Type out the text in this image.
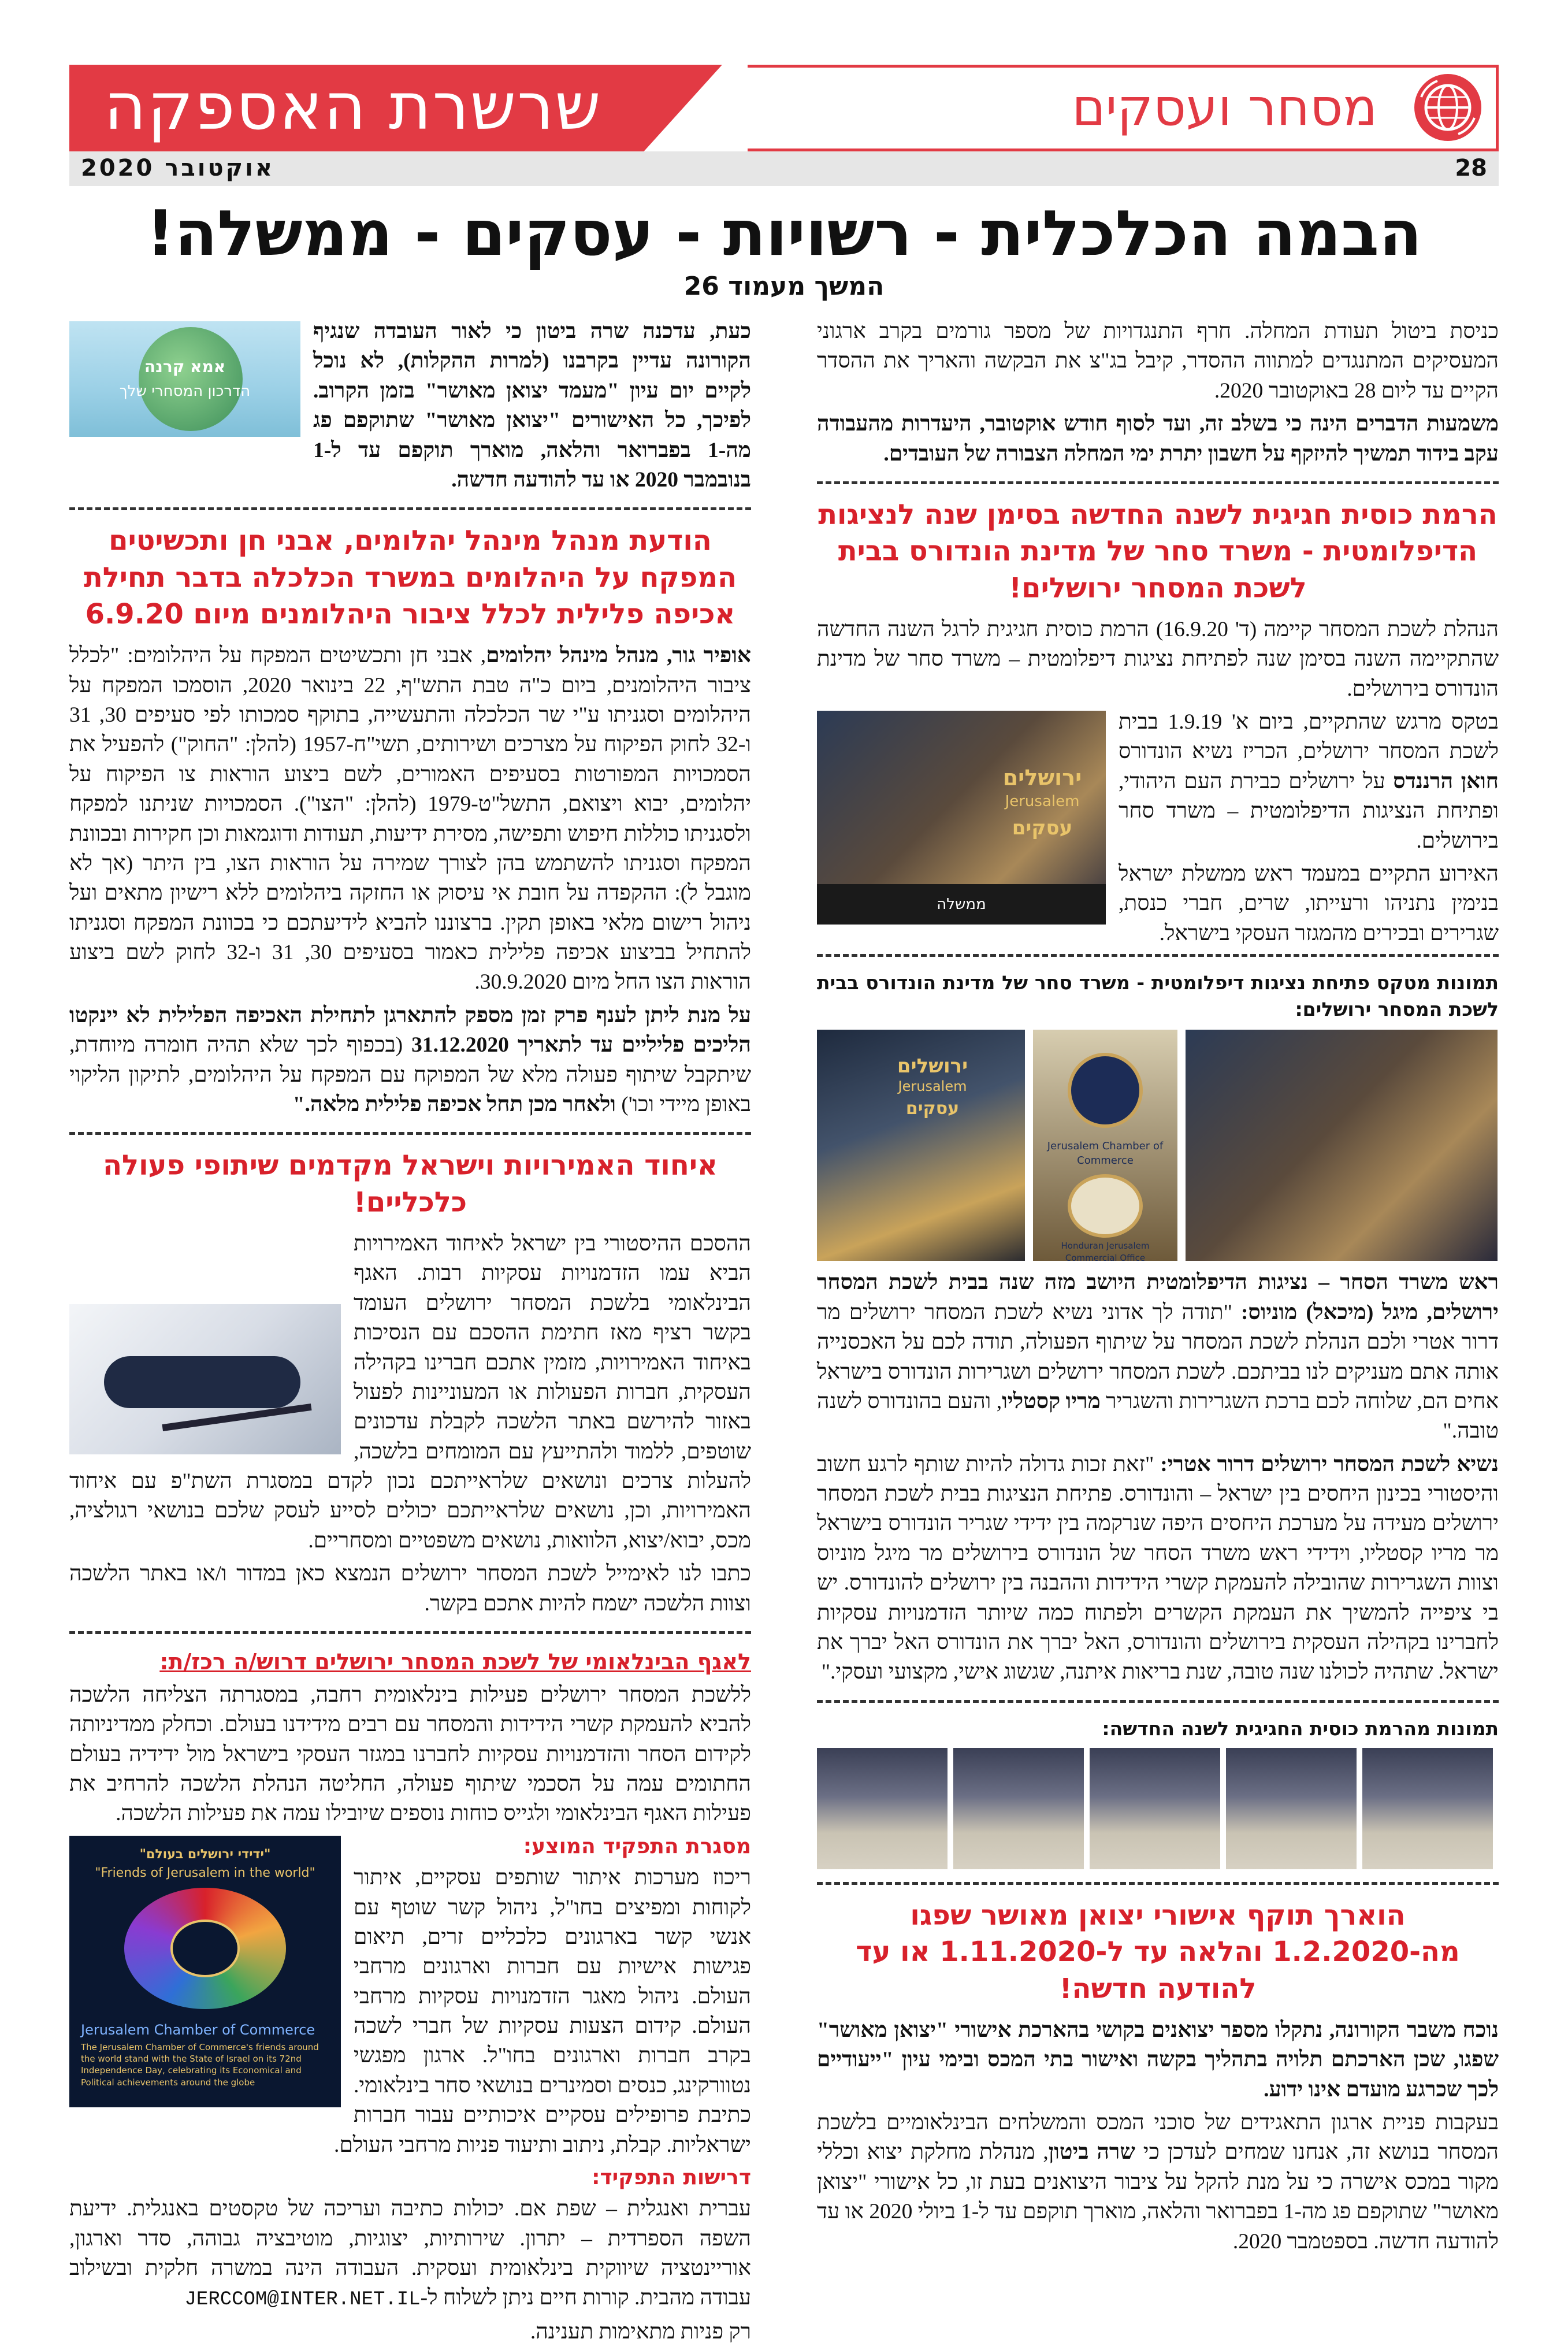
שרשרת האספקה	מסחר ועסקים
28
אוקטובר 2020
הבמה הכלכלית - רשויות - עסקים - ממשלה!
המשך מעמוד 26

כניסת ביטול תעודת המחלה. חרף התנגדויות של מספר גורמים בקרב ארגוני המעסיקים המתנגדים למתווה ההסדר, קיבל בג"צ את הבקשה והאריך את ההסדר הקיים עד ליום 28 באוקטובר 2020.

משמעות הדברים הינה כי בשלב זה, ועד לסוף חודש אוקטובר, היעדרות מהעבודה עקב בידוד תמשיך להיזקף על חשבון יתרת ימי המחלה הצבורה של העובדים.

הרמת כוסית חגיגית לשנה החדשה בסימן שנה לנציגות הדיפלומטית - משרד סחר של מדינת הונדורס בבית לשכת המסחר ירושלים!

הנהלת לשכת המסחר קיימה (ד' 16.9.20) הרמת כוסית חגיגית לרגל השנה החדשה שהתקיימה השנה בסימן שנה לפתיחת נציגות דיפלומטית – משרד סחר של מדינת הונדורס בירושלים.

ירושלים
Jerusalem
עסקים
ממשלה

בטקס מרגש שהתקיים, ביום א' 1.9.19 בבית לשכת המסחר ירושלים, הכריז נשיא הונדורס חואן הרננדס על ירושלים כבירת העם היהודי, ופתיחת הנציגות הדיפלומטית – משרד סחר בירושלים.

האירוע התקיים במעמד ראש ממשלת ישראל בנימין נתניהו ורעייתו, שרים, חברי כנסת, שגרירים ובכירים מהמגזר העסקי בישראל.

תמונות מטקס פתיחת נציגות דיפלומטית - משרד סחר של מדינת הונדורס בבית לשכת המסחר ירושלים:
ירושלים
Jerusalem
עסקים
Jerusalem Chamber of Commerce
Honduran Jerusalem Commercial Office

ראש משרד הסחר – נציגות הדיפלומטית היושב מזה שנה בבית לשכת המסחר ירושלים, מיגל (מיכאל) מוניוס: "תודה לך אדוני נשיא לשכת המסחר ירושלים מר דרור אטרי ולכם הנהלת לשכת המסחר על שיתוף הפעולה, תודה לכם על האכסנייה אותה אתם מעניקים לנו בביתכם. לשכת המסחר ירושלים ושגרירות הונדורס בישראל אחים הם, שלוחה לכם ברכת השגרירות והשגריר מריו קסטליו, והעם בהונדורס לשנה טובה."

נשיא לשכת המסחר ירושלים דרור אטרי: "זאת זכות גדולה להיות שותף לרגע חשוב והיסטורי בכינון היחסים בין ישראל – והונדורס. פתיחת הנציגות בבית לשכת המסחר ירושלים מעידה על מערכת היחסים היפה שנרקמה בין ידידי שגריר הונדורס בישראל מר מריו קסטליו, וידידי ראש משרד הסחר של הונדורס בירושלים מר מיגל מוניוס וצוות השגרירות שהובילה להעמקת קשרי הידידות וההבנה בין ירושלים להונדורס. יש בי ציפייה להמשיך את העמקת הקשרים ולפתוח כמה שיותר הזדמנויות עסקיות לחברינו בקהילה העסקית בירושלים והונדורס, האל יברך את הונדורס האל יברך את ישראל. שתהיה לכולנו שנה טובה, שנת בריאות איתנה, שגשוג אישי, מקצועי ועסקי."

תמונות מהרמת כוסית החגיגית לשנה החדשה:
הוארך תוקף אישורי יצואן מאושר שפגו מה-1.2.2020 והלאה עד ל-1.11.2020 או עד להודעה חדשה!

נוכח משבר הקורונה, נתקלו מספר יצואנים בקושי בהארכת אישורי "יצואן מאושר" שפגו, שכן הארכתם תלויה בתהליך בקשה ואישור בתי המכס ובימי עיון "ייעודיים לכך שכרגע מועדם אינו ידוע.

בעקבות פניית ארגון התאגידים של סוכני המכס והמשלחים הבינלאומיים בלשכת המסחר בנושא זה, אנחנו שמחים לעדכן כי שרה ביטון, מנהלת מחלקת יצוא וכללי מקור במכס אישרה כי על מנת להקל על ציבור היצואנים בעת זו, כל אישורי "יצואן מאושר" שתוקפם פג מה-1 בפברואר והלאה, מוארך תוקפם עד ל-1 ביולי 2020 או עד להודעה חדשה. בספטמבר 2020.

אמא קרנה
הדרכון המסחרי שלך

כעת, עדכנה שרה ביטון כי לאור העובדה שנגיף הקורונה עדיין בקרבנו (למרות ההקלות), לא נוכל לקיים יום עיון "מעמד יצואן מאושר" בזמן הקרוב. לפיכך, כל האישורים "יצואן מאושר" שתוקפם פג מה-1 בפברואר והלאה, מוארך תוקפם עד ל-1 בנובמבר 2020 או עד להודעה חדשה.

הודעת מנהל מינהל יהלומים, אבני חן ותכשיטים המפקח על היהלומים במשרד הכלכלה בדבר תחילת אכיפה פלילית לכלל ציבור היהלומנים מיום 6.9.20

אופיר גור, מנהל מינהל יהלומים, אבני חן ותכשיטים המפקח על היהלומים: "לכלל ציבור היהלומנים, ביום כ"ה טבת התש"ף, 22 בינואר 2020, הוסמכו המפקח על היהלומים וסגניתו ע"י שר הכלכלה והתעשייה, בתוקף סמכותו לפי סעיפים 30, 31 ו-32 לחוק הפיקוח על מצרכים ושירותים, תשי"ח-1957 (להלן: "החוק") להפעיל את הסמכויות המפורטות בסעיפים האמורים, לשם ביצוע הוראות צו הפיקוח על יהלומים, יבוא ויצואם, התשל"ט-1979 (להלן: "הצו"). הסמכויות שניתנו למפקח ולסגניתו כוללות חיפוש ותפישה, מסירת ידיעות, תעודות ודוגמאות וכן חקירות ובכוונת המפקח וסגניתו להשתמש בהן לצורך שמירה על הוראות הצו, בין היתר (אך לא מוגבל ל): ההקפדה על חובת אי עיסוק או החזקה ביהלומים ללא רישיון מתאים ועל ניהול רישום מלאי באופן תקין. ברצוננו להביא לידיעתכם כי בכוונת המפקח וסגניתו להתחיל בביצוע אכיפה פלילית כאמור בסעיפים 30, 31 ו-32 לחוק לשם ביצוע הוראות הצו החל מיום 30.9.2020.

על מנת ליתן לענף פרק זמן מספק להתארגן לתחילת האכיפה הפלילית לא יינקטו הליכים פליליים עד לתאריך 31.12.2020 (בכפוף לכך שלא תהיה חומרה מיוחדת, שיתקבל שיתוף פעולה מלא של המפוקח עם המפקח על היהלומים, לתיקון הליקוי באופן מיידי וכו') ולאחר מכן תחל אכיפה פלילית מלאה."

איחוד האמירויות וישראל מקדמים שיתופי פעולה כלכליים!

ההסכם ההיסטורי בין ישראל לאיחוד האמירויות הביא עמו הזדמנויות עסקיות רבות. האגף הבינלאומי בלשכת המסחר ירושלים העומד בקשר רציף מאז חתימת ההסכם עם הנסיכות באיחוד האמירויות, מזמין אתכם חברינו בקהילה העסקית, חברות הפעולות או המעוניינות לפעול באזור להירשם באתר הלשכה לקבלת עדכונים שוטפים, ללמוד ולהתייעץ עם המומחים בלשכה, להעלות צרכים ונושאים שלראייתכם נכון לקדם במסגרת השת"פ עם איחוד האמירויות, וכן, נושאים שלראייתכם יכולים לסייע לעסק שלכם בנושאי רגולציה, מכס, יבוא/יצוא, הלוואות, נושאים משפטיים ומסחריים.

כתבו לנו לאימייל לשכת המסחר ירושלים הנמצא כאן במדור ו/או באתר הלשכה וצוות הלשכה ישמח להיות אתכם בקשר.

לאגף הבינלאומי של לשכת המסחר ירושלים דרוש/ה רכז/ת:

ללשכת המסחר ירושלים פעילות בינלאומית רחבה, במסגרתה הצליחה הלשכה להביא להעמקת קשרי הידידות והמסחר עם רבים מידידנו בעולם. וכחלק ממדיניותה לקידום הסחר והזדמנויות עסקיות לחברנו במגזר העסקי בישראל מול ידידיה בעולם החתומים עמה על הסכמי שיתוף פעולה, החליטה הנהלת הלשכה להרחיב את פעילות האגף הבינלאומי ולגייס כוחות נוספים שיובילו עמה את פעילות הלשכה.

"ידידי ירושלים בעולם"
"Friends of Jerusalem in the world"
Jerusalem Chamber of Commerce
The Jerusalem Chamber of Commerce's friends around the world stand with the State of Israel on its 72nd Independence Day, celebrating its Economical and Political achievements around the globe
מסגרת התפקיד המוצע:

ריכוז מערכות איתור שותפים עסקיים, איתור לקוחות ומפיצים בחו"ל, ניהול קשר שוטף עם אנשי קשר בארגונים כלכליים זרים, תיאום פגישות אישיות עם חברות וארגונים מרחבי העולם. ניהול מאגר הזדמנויות עסקיות מרחבי העולם. קידום הצעות עסקיות של חברי לשכה בקרב חברות וארגונים בחו"ל. ארגון מפגשי נטוורקינג, כנסים וסמינרים בנושאי סחר בינלאומי. כתיבת פרופילים עסקיים איכותיים עבור חברות ישראליות. קבלת, ניתוב ותיעוד פניות מרחבי העולם.

דרישות התפקיד:

עברית ואנגלית – שפת אם. יכולות כתיבה ועריכה של טקסטים באנגלית. ידיעת השפה הספרדית – יתרון. שירותיות, יצוגיות, מוטיבציה גבוהה, סדר וארגון, אוריינטציה שיווקית בינלאומית ועסקית. העבודה הינה במשרה חלקית ובשילוב עבודה מהבית. קורות חיים ניתן לשלוח ל-JERCCOM@INTER.NET.IL

רק פניות מתאימות תענינה.
